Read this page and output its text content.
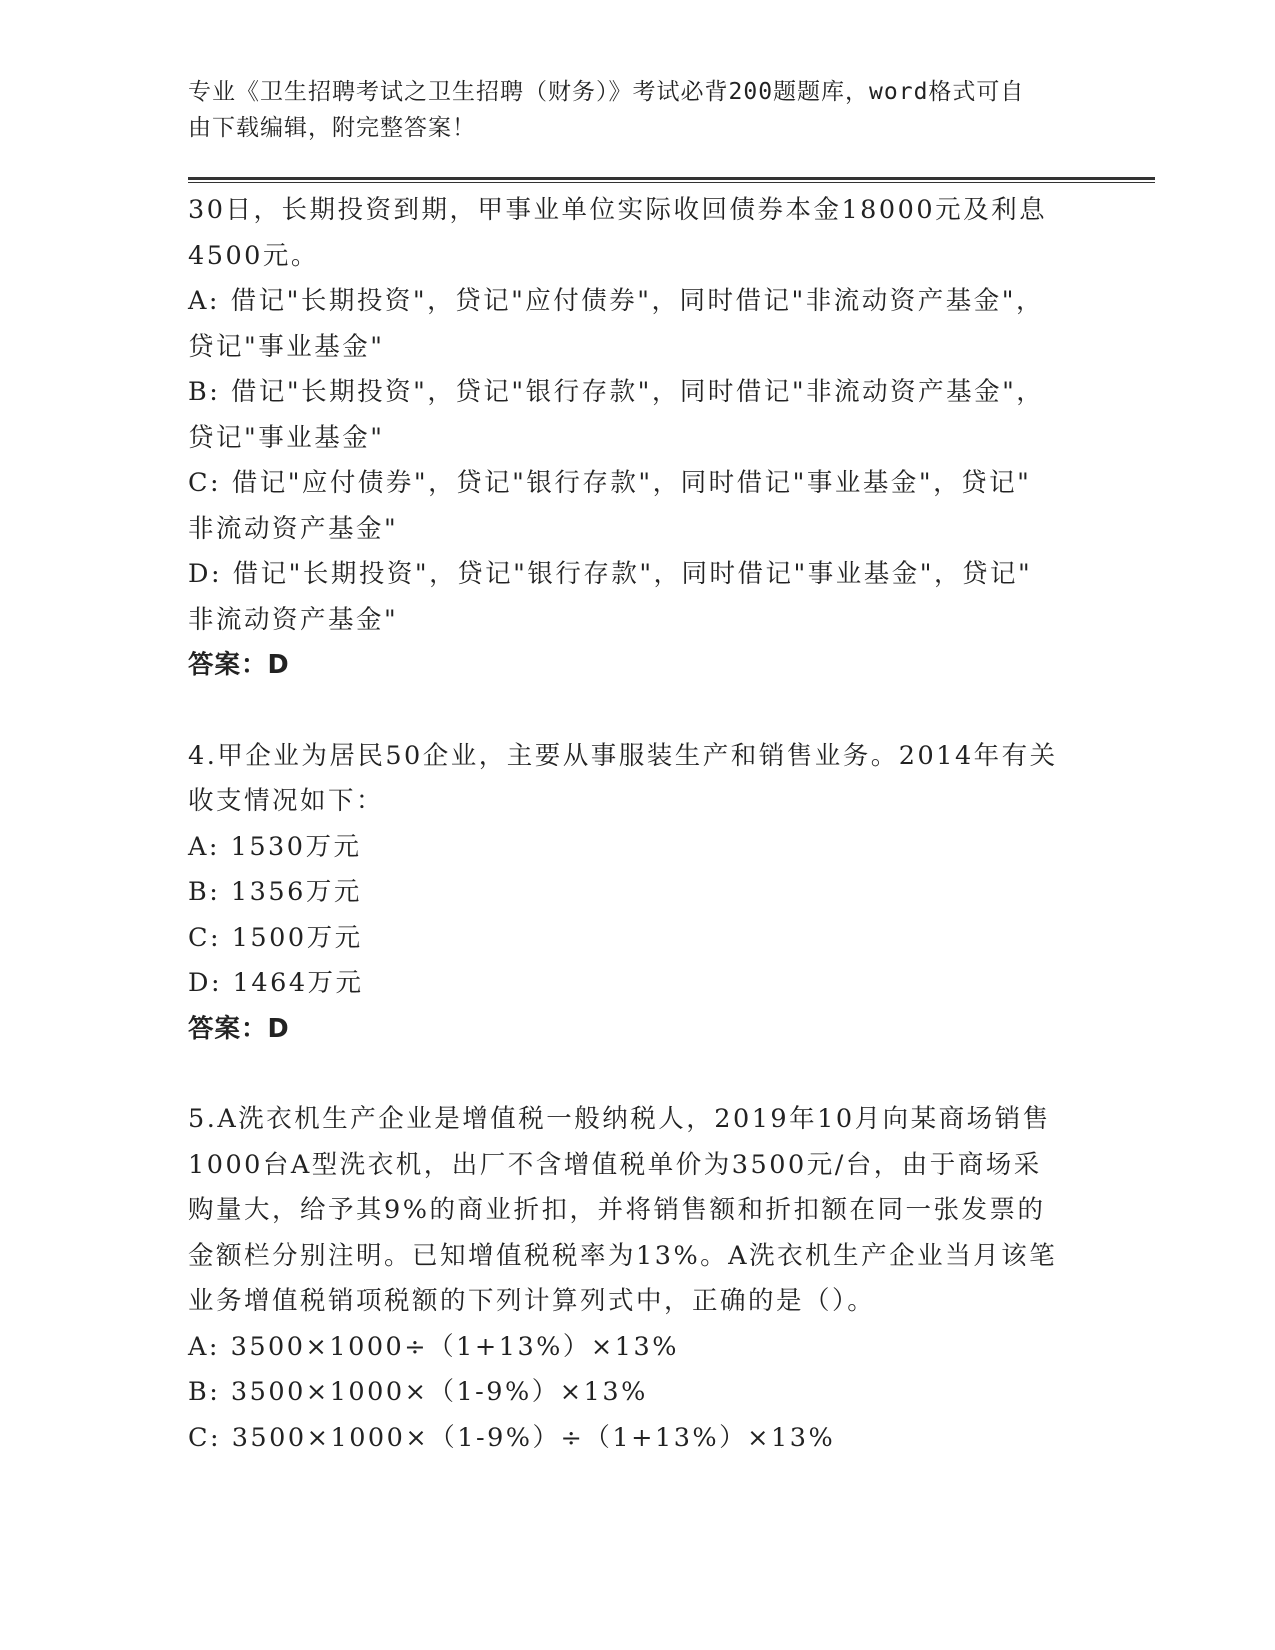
专业《卫生招聘考试之卫生招聘（财务）》考试必背200题题库，word格式可自
由下载编辑，附完整答案！
30日，长期投资到期，甲事业单位实际收回债券本金18000元及利息
4500元。
A: 借记"长期投资"，贷记"应付债券"，同时借记"非流动资产基金"，
贷记"事业基金"
B: 借记"长期投资"，贷记"银行存款"，同时借记"非流动资产基金"，
贷记"事业基金"
C: 借记"应付债券"，贷记"银行存款"，同时借记"事业基金"，贷记"
非流动资产基金"
D: 借记"长期投资"，贷记"银行存款"，同时借记"事业基金"，贷记"
非流动资产基金"
答案：D
4.甲企业为居民50企业，主要从事服装生产和销售业务。2014年有关
收支情况如下：
A: 1530万元
B: 1356万元
C: 1500万元
D: 1464万元
答案：D
5.A洗衣机生产企业是增值税一般纳税人，2019年10月向某商场销售
1000台A型洗衣机，出厂不含增值税单价为3500元/台，由于商场采
购量大，给予其9%的商业折扣，并将销售额和折扣额在同一张发票的
金额栏分别注明。已知增值税税率为13%。A洗衣机生产企业当月该笔
业务增值税销项税额的下列计算列式中，正确的是（）。
A: 3500×1000÷（1+13%）×13%
B: 3500×1000×（1-9%）×13%
C: 3500×1000×（1-9%）÷（1+13%）×13%
